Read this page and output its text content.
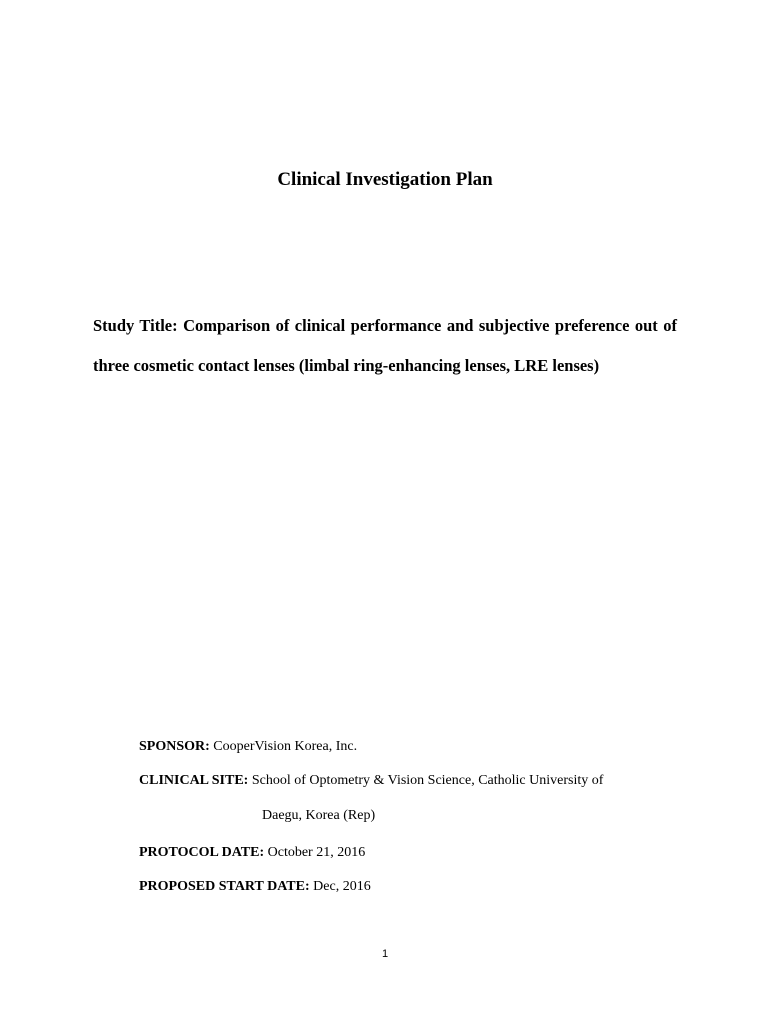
Clinical Investigation Plan

Study Title: Comparison of clinical performance and subjective preference out of three cosmetic contact lenses (limbal ring-enhancing lenses, LRE lenses)

SPONSOR: CooperVision Korea, Inc.
CLINICAL SITE: School of Optometry & Vision Science, Catholic University of
Daegu, Korea (Rep)
PROTOCOL DATE: October 21, 2016
PROPOSED START DATE: Dec, 2016
1
